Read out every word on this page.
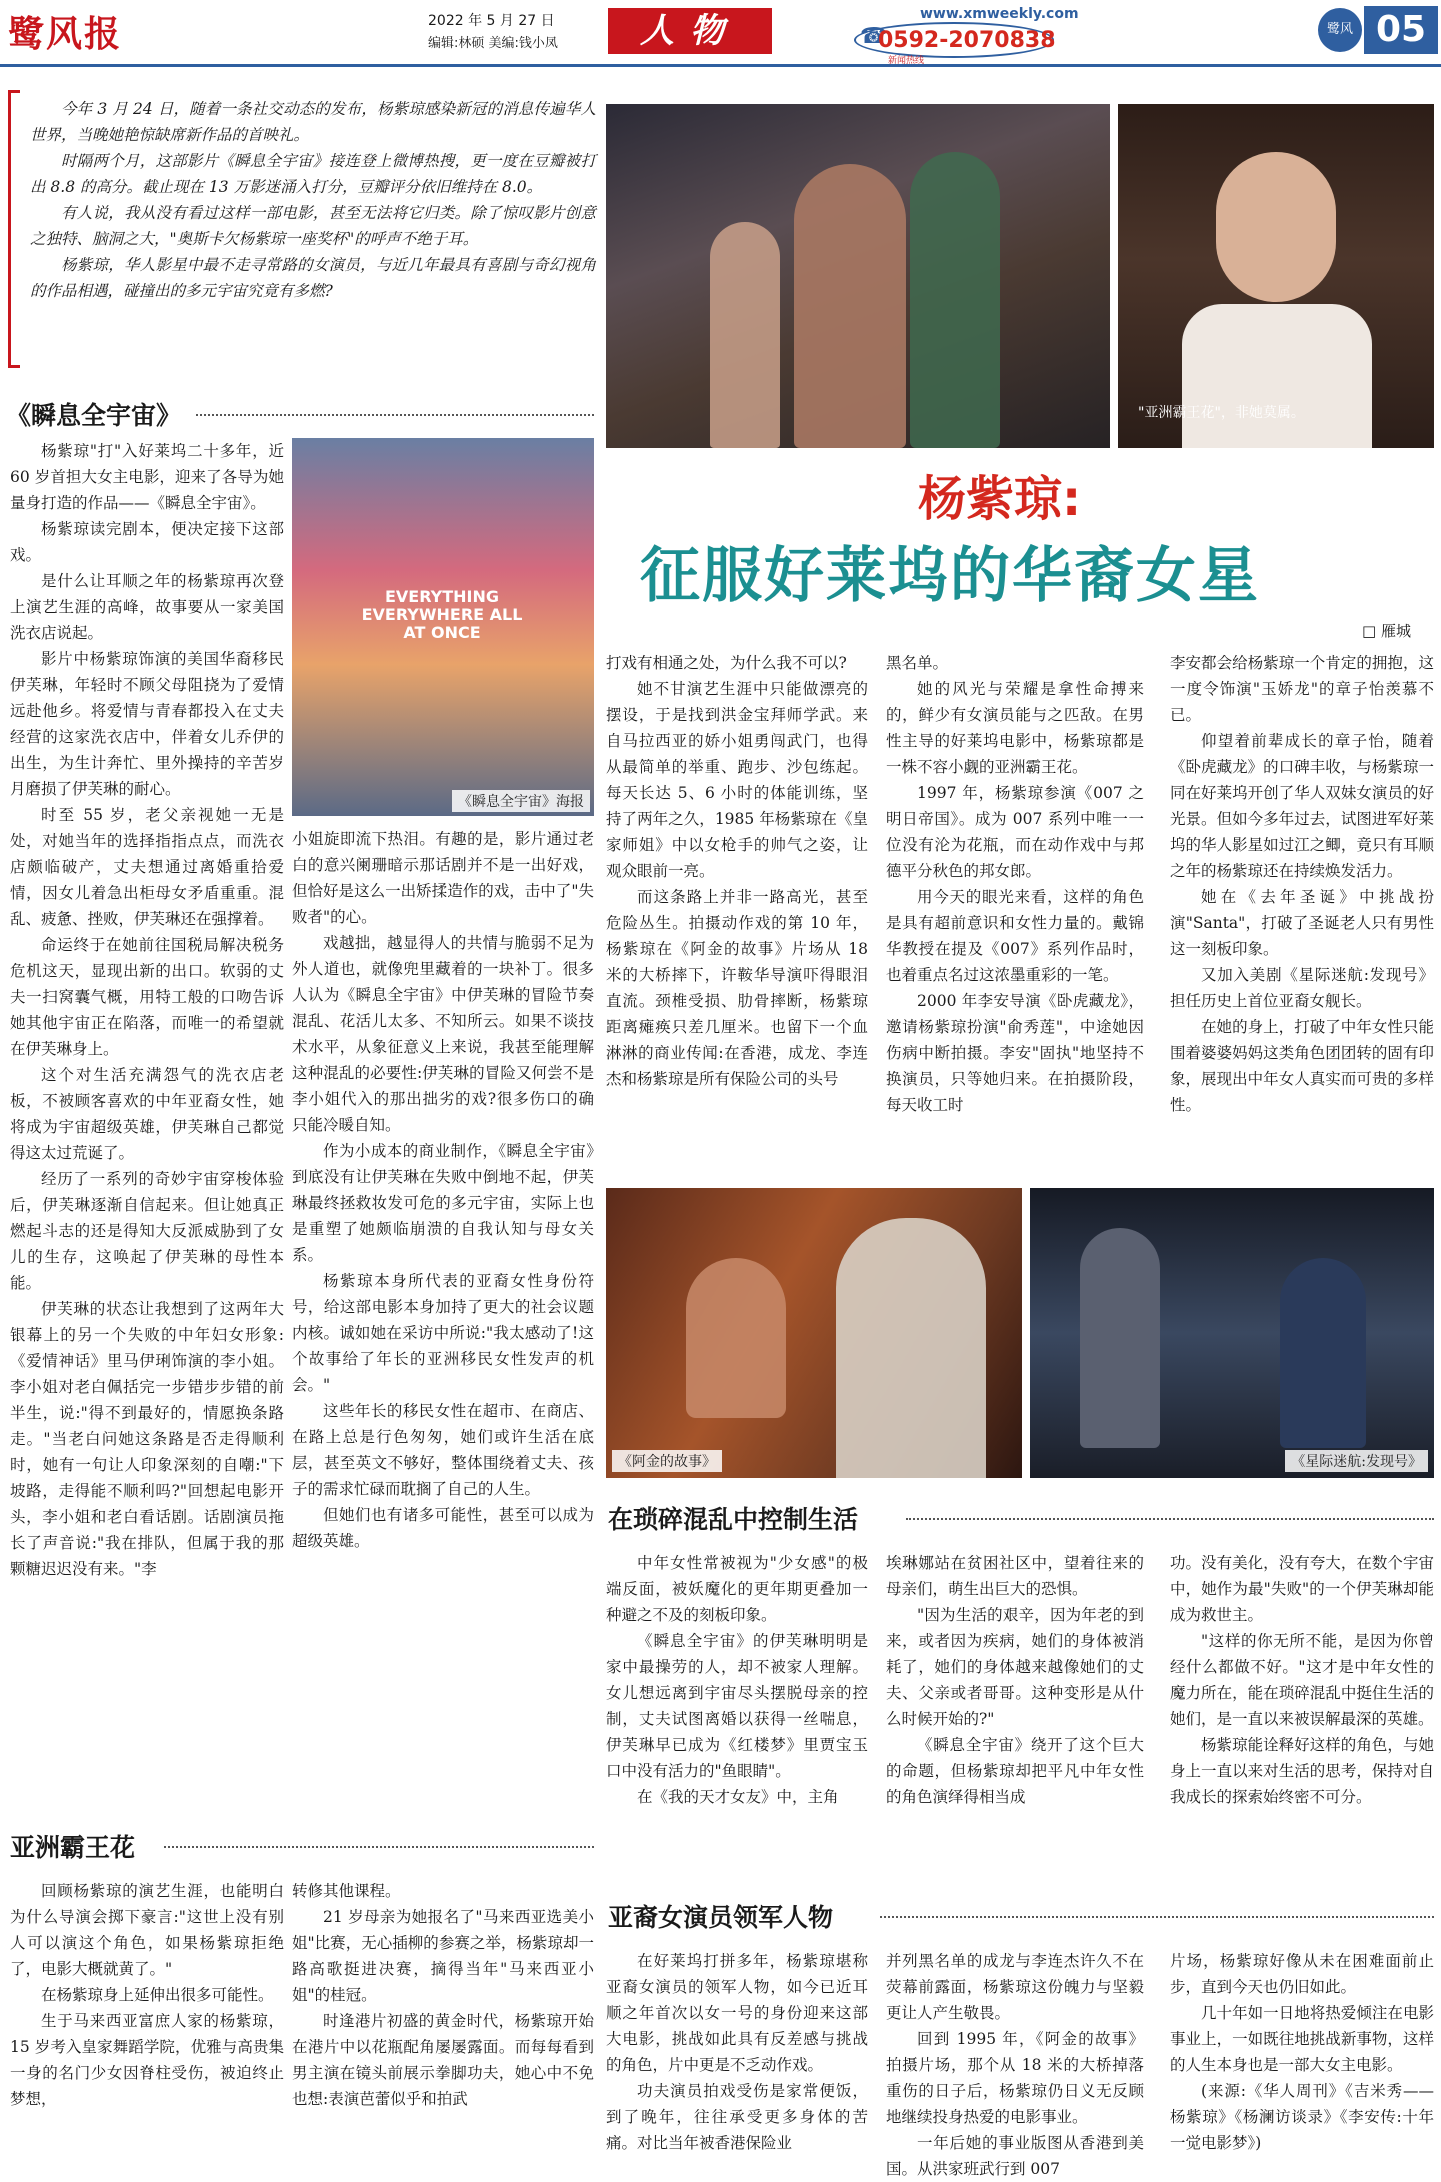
鹭风报	2022 年 5 月 27 日
编辑:林硕 美编:钱小凤	人物	www.xmweekly.com
☎
0592-2070838
新闻热线
鹭风 05

今年 3 月 24 日，随着一条社交动态的发布，杨紫琼感染新冠的消息传遍华人世界，当晚她艳惊缺席新作品的首映礼。

时隔两个月，这部影片《瞬息全宇宙》接连登上微博热搜，更一度在豆瓣被打出 8.8 的高分。截止现在 13 万影迷涌入打分，豆瓣评分依旧维持在 8.0。

有人说，我从没有看过这样一部电影，甚至无法将它归类。除了惊叹影片创意之独特、脑洞之大，"奥斯卡欠杨紫琼一座奖杯"的呼声不绝于耳。

杨紫琼，华人影星中最不走寻常路的女演员，与近几年最具有喜剧与奇幻视角的作品相遇，碰撞出的多元宇宙究竟有多燃?

"亚洲霸王花"，非她莫属。
杨紫琼:
征服好莱坞的华裔女星
□ 雁城
《瞬息全宇宙》
EVERYTHING EVERYWHERE ALL AT ONCE
《瞬息全宇宙》海报

杨紫琼"打"入好莱坞二十多年，近 60 岁首担大女主电影，迎来了各导为她量身打造的作品——《瞬息全宇宙》。

杨紫琼读完剧本，便决定接下这部戏。

是什么让耳顺之年的杨紫琼再次登上演艺生涯的高峰，故事要从一家美国洗衣店说起。

影片中杨紫琼饰演的美国华裔移民伊芙琳，年轻时不顾父母阻挠为了爱情远赴他乡。将爱情与青春都投入在丈夫经营的这家洗衣店中，伴着女儿乔伊的出生，为生计奔忙、里外操持的辛苦岁月磨损了伊芙琳的耐心。

时至 55 岁，老父亲视她一无是处，对她当年的选择指指点点，而洗衣店颇临破产，丈夫想通过离婚重拾爱情，因女儿着急出柜母女矛盾重重。混乱、疲惫、挫败，伊芙琳还在强撑着。

命运终于在她前往国税局解决税务危机这天，显现出新的出口。软弱的丈夫一扫窝囊气概，用特工般的口吻告诉她其他宇宙正在陷落，而唯一的希望就在伊芙琳身上。

这个对生活充满怨气的洗衣店老板，不被顾客喜欢的中年亚裔女性，她将成为宇宙超级英雄，伊芙琳自己都觉得这太过荒诞了。

经历了一系列的奇妙宇宙穿梭体验后，伊芙琳逐渐自信起来。但让她真正燃起斗志的还是得知大反派威胁到了女儿的生存，这唤起了伊芙琳的母性本能。

伊芙琳的状态让我想到了这两年大银幕上的另一个失败的中年妇女形象:《爱情神话》里马伊琍饰演的李小姐。李小姐对老白佩括完一步错步步错的前半生，说:"得不到最好的，情愿换条路走。"当老白问她这条路是否走得顺利时，她有一句让人印象深刻的自嘲:"下坡路，走得能不顺利吗?"回想起电影开头，李小姐和老白看话剧。话剧演员拖长了声音说:"我在排队，但属于我的那颗糖迟迟没有来。"李

小姐旋即流下热泪。有趣的是，影片通过老白的意兴阑珊暗示那话剧并不是一出好戏，但恰好是这么一出矫揉造作的戏，击中了"失败者"的心。

戏越拙，越显得人的共情与脆弱不足为外人道也，就像兜里藏着的一块补丁。很多人认为《瞬息全宇宙》中伊芙琳的冒险节奏混乱、花活儿太多、不知所云。如果不谈技术水平，从象征意义上来说，我甚至能理解这种混乱的必要性:伊芙琳的冒险又何尝不是李小姐代入的那出拙劣的戏?很多伤口的确只能冷暖自知。

作为小成本的商业制作，《瞬息全宇宙》到底没有让伊芙琳在失败中倒地不起，伊芙琳最终拯救妆发可危的多元宇宙，实际上也是重塑了她颇临崩溃的自我认知与母女关系。

杨紫琼本身所代表的亚裔女性身份符号，给这部电影本身加持了更大的社会议题内核。诚如她在采访中所说:"我太感动了!这个故事给了年长的亚洲移民女性发声的机会。"

这些年长的移民女性在超市、在商店、在路上总是行色匆匆，她们或许生活在底层，甚至英文不够好，整体围绕着丈夫、孩子的需求忙碌而耽搁了自己的人生。

但她们也有诸多可能性，甚至可以成为超级英雄。

打戏有相通之处，为什么我不可以?

她不甘演艺生涯中只能做漂亮的摆设，于是找到洪金宝拜师学武。来自马拉西亚的娇小姐勇闯武门，也得从最简单的举重、跑步、沙包练起。每天长达 5、6 小时的体能训练，坚持了两年之久，1985 年杨紫琼在《皇家师姐》中以女枪手的帅气之姿，让观众眼前一亮。

而这条路上并非一路高光，甚至危险丛生。拍摄动作戏的第 10 年，杨紫琼在《阿金的故事》片场从 18 米的大桥摔下，许鞍华导演吓得眼泪直流。颈椎受损、肋骨摔断，杨紫琼距离瘫痪只差几厘米。也留下一个血淋淋的商业传闻:在香港，成龙、李连杰和杨紫琼是所有保险公司的头号

黑名单。

她的风光与荣耀是拿性命搏来的，鲜少有女演员能与之匹敌。在男性主导的好莱坞电影中，杨紫琼都是一株不容小觑的亚洲霸王花。

1997 年，杨紫琼参演《007 之明日帝国》。成为 007 系列中唯一一位没有沦为花瓶，而在动作戏中与邦德平分秋色的邦女郎。

用今天的眼光来看，这样的角色是具有超前意识和女性力量的。戴锦华教授在提及《007》系列作品时，也着重点名过这浓墨重彩的一笔。

2000 年李安导演《卧虎藏龙》，邀请杨紫琼扮演"俞秀莲"，中途她因伤病中断拍摄。李安"固执"地坚持不换演员，只等她归来。在拍摄阶段，每天收工时

李安都会给杨紫琼一个肯定的拥抱，这一度令饰演"玉娇龙"的章子怡羡慕不已。

仰望着前辈成长的章子怡，随着《卧虎藏龙》的口碑丰收，与杨紫琼一同在好莱坞开创了华人双妹女演员的好光景。但如今多年过去，试图进军好莱坞的华人影星如过江之鲫，竟只有耳顺之年的杨紫琼还在持续焕发活力。

她在《去年圣诞》中挑战扮演"Santa"，打破了圣诞老人只有男性这一刻板印象。

又加入美剧《星际迷航:发现号》担任历史上首位亚裔女舰长。

在她的身上，打破了中年女性只能围着婆婆妈妈这类角色团团转的固有印象，展现出中年女人真实而可贵的多样性。

《阿金的故事》	《星际迷航:发现号》
在琐碎混乱中控制生活

中年女性常被视为"少女感"的极端反面，被妖魔化的更年期更叠加一种避之不及的刻板印象。

《瞬息全宇宙》的伊芙琳明明是家中最操劳的人，却不被家人理解。女儿想远离到宇宙尽头摆脱母亲的控制，丈夫试图离婚以获得一丝喘息，伊芙琳早已成为《红楼梦》里贾宝玉口中没有活力的"鱼眼睛"。

在《我的天才女友》中，主角

埃琳娜站在贫困社区中，望着往来的母亲们，萌生出巨大的恐惧。

"因为生活的艰辛，因为年老的到来，或者因为疾病，她们的身体被消耗了，她们的身体越来越像她们的丈夫、父亲或者哥哥。这种变形是从什么时候开始的?"

《瞬息全宇宙》绕开了这个巨大的命题，但杨紫琼却把平凡中年女性的角色演绎得相当成

功。没有美化，没有夸大，在数个宇宙中，她作为最"失败"的一个伊芙琳却能成为救世主。

"这样的你无所不能，是因为你曾经什么都做不好。"这才是中年女性的魔力所在，能在琐碎混乱中挺住生活的她们，是一直以来被误解最深的英雄。

杨紫琼能诠释好这样的角色，与她身上一直以来对生活的思考，保持对自我成长的探索始终密不可分。

亚洲霸王花

回顾杨紫琼的演艺生涯，也能明白为什么导演会掷下豪言:"这世上没有别人可以演这个角色，如果杨紫琼拒绝了，电影大概就黄了。"

在杨紫琼身上延伸出很多可能性。

生于马来西亚富庶人家的杨紫琼，15 岁考入皇家舞蹈学院，优雅与高贵集一身的名门少女因脊柱受伤，被迫终止梦想，

转修其他课程。

21 岁母亲为她报名了"马来西亚选美小姐"比赛，无心插柳的参赛之举，杨紫琼却一路高歌挺进决赛，摘得当年"马来西亚小姐"的桂冠。

时逢港片初盛的黄金时代，杨紫琼开始在港片中以花瓶配角屡屡露面。而每每看到男主演在镜头前展示拳脚功夫，她心中不免也想:表演芭蕾似乎和拍武

亚裔女演员领军人物

在好莱坞打拼多年，杨紫琼堪称亚裔女演员的领军人物，如今已近耳顺之年首次以女一号的身份迎来这部大电影，挑战如此具有反差感与挑战的角色，片中更是不乏动作戏。

功夫演员拍戏受伤是家常便饭，到了晚年，往往承受更多身体的苦痛。对比当年被香港保险业

并列黑名单的成龙与李连杰许久不在荧幕前露面，杨紫琼这份魄力与坚毅更让人产生敬畏。

回到 1995 年，《阿金的故事》拍摄片场，那个从 18 米的大桥掉落重伤的日子后，杨紫琼仍日义无反顾地继续投身热爱的电影事业。

一年后她的事业版图从香港到美国。从洪家班武行到 007

片场，杨紫琼好像从未在困难面前止步，直到今天也仍旧如此。

几十年如一日地将热爱倾注在电影事业上，一如既往地挑战新事物，这样的人生本身也是一部大女主电影。

(来源:《华人周刊》《吉米秀——杨紫琼》《杨澜访谈录》《李安传:十年一觉电影梦》)
